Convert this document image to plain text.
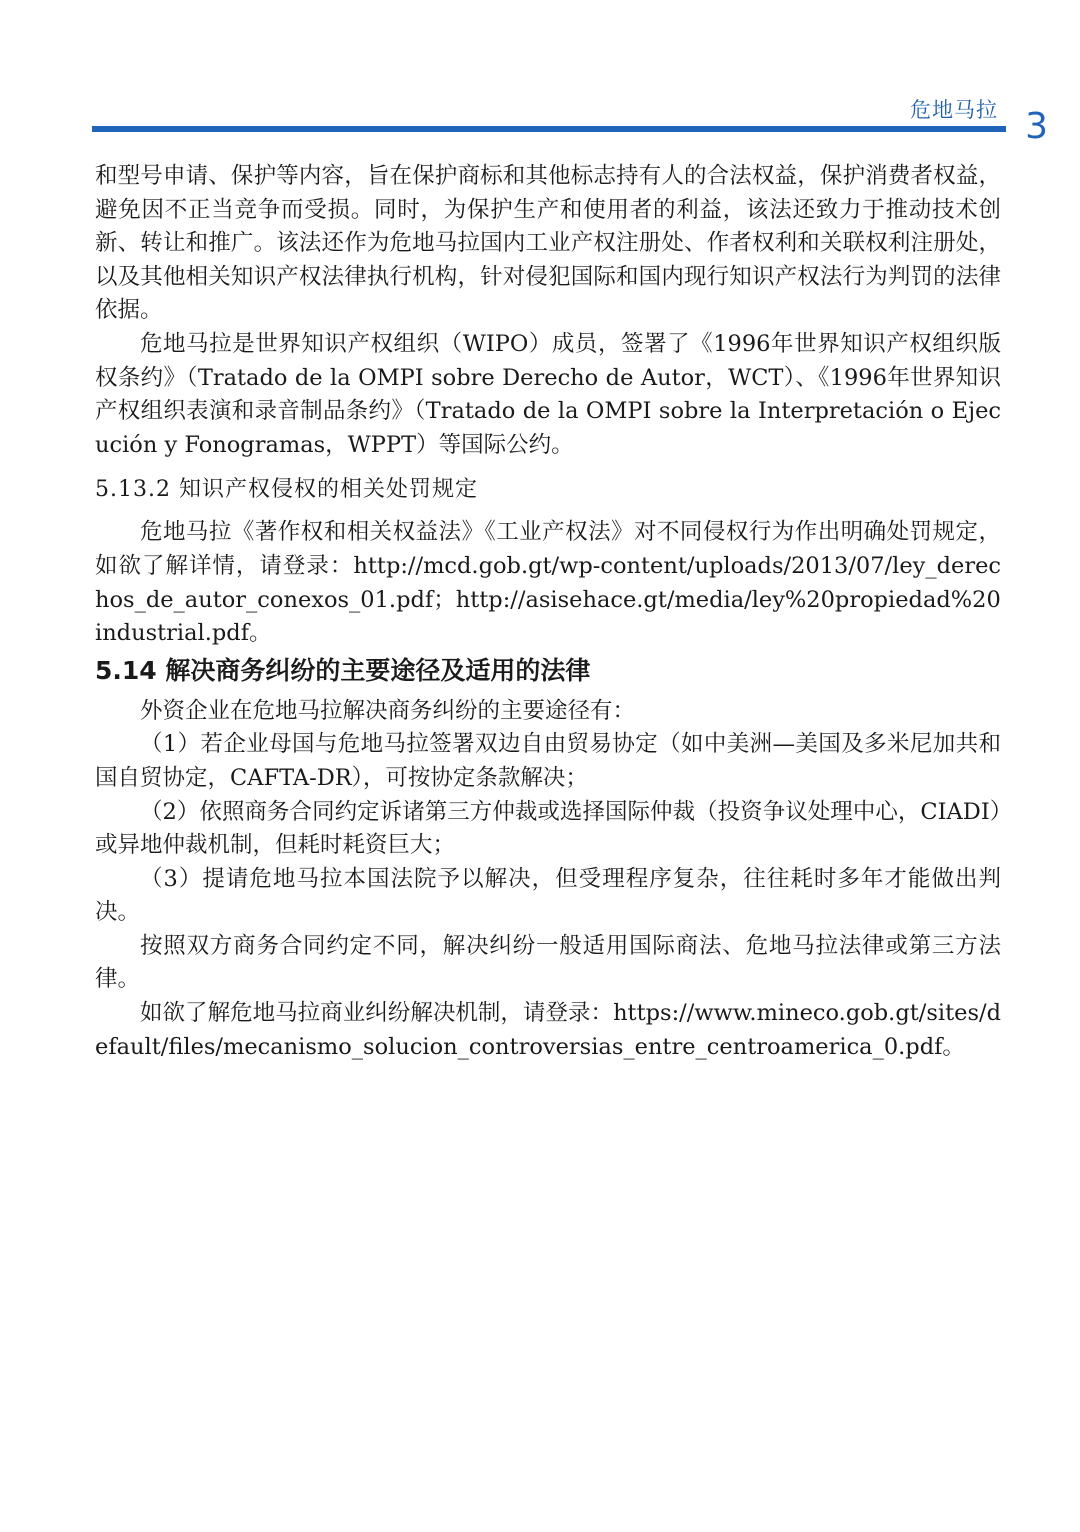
危地马拉 3

和型号申请、保护等内容，旨在保护商标和其他标志持有人的合法权益，保护消费者权益，避免因不正当竞争而受损。同时，为保护生产和使用者的利益，该法还致力于推动技术创新、转让和推广。该法还作为危地马拉国内工业产权注册处、作者权利和关联权利注册处，以及其他相关知识产权法律执行机构，针对侵犯国际和国内现行知识产权法行为判罚的法律依据。

危地马拉是世界知识产权组织（WIPO）成员，签署了《1996年世界知识产权组织版 权条约》（Tratado de la OMPI sobre Derecho de Autor，WCT）、《1996年世界知识产权组织表演和录音制品条约》（Tratado de la OMPI sobre la Interpretación o Ejecución y Fonogramas，WPPT）等国际公约。

5.13.2 知识产权侵权的相关处罚规定

危地马拉《著作权和相关权益法》《工业产权法》对不同侵权行为作出明确处罚规定，如欲了解详情，请登录：http://mcd.gob.gt/wp-content/uploads/2013/07/ley_derechos_de_autor_conexos_01.pdf；http://asisehace.gt/media/ley%20propiedad%20industrial.pdf。

5.14 解决商务纠纷的主要途径及适用的法律

外资企业在危地马拉解决商务纠纷的主要途径有：

（1）若企业母国与危地马拉签署双边自由贸易协定（如中美洲—美国及多米尼加共和国自贸协定，CAFTA-DR），可按协定条款解决；

（2）依照商务合同约定诉诸第三方仲裁或选择国际仲裁（投资争议处理中心，CIADI）或异地仲裁机制，但耗时耗资巨大；

（3）提请危地马拉本国法院予以解决，但受理程序复杂，往往耗时多年才能做出判决。

按照双方商务合同约定不同，解决纠纷一般适用国际商法、危地马拉法律或第三方法律。

如欲了解危地马拉商业纠纷解决机制，请登录：https://www.mineco.gob.gt/sites/default/files/mecanismo_solucion_controversias_entre_centroamerica_0.pdf。
